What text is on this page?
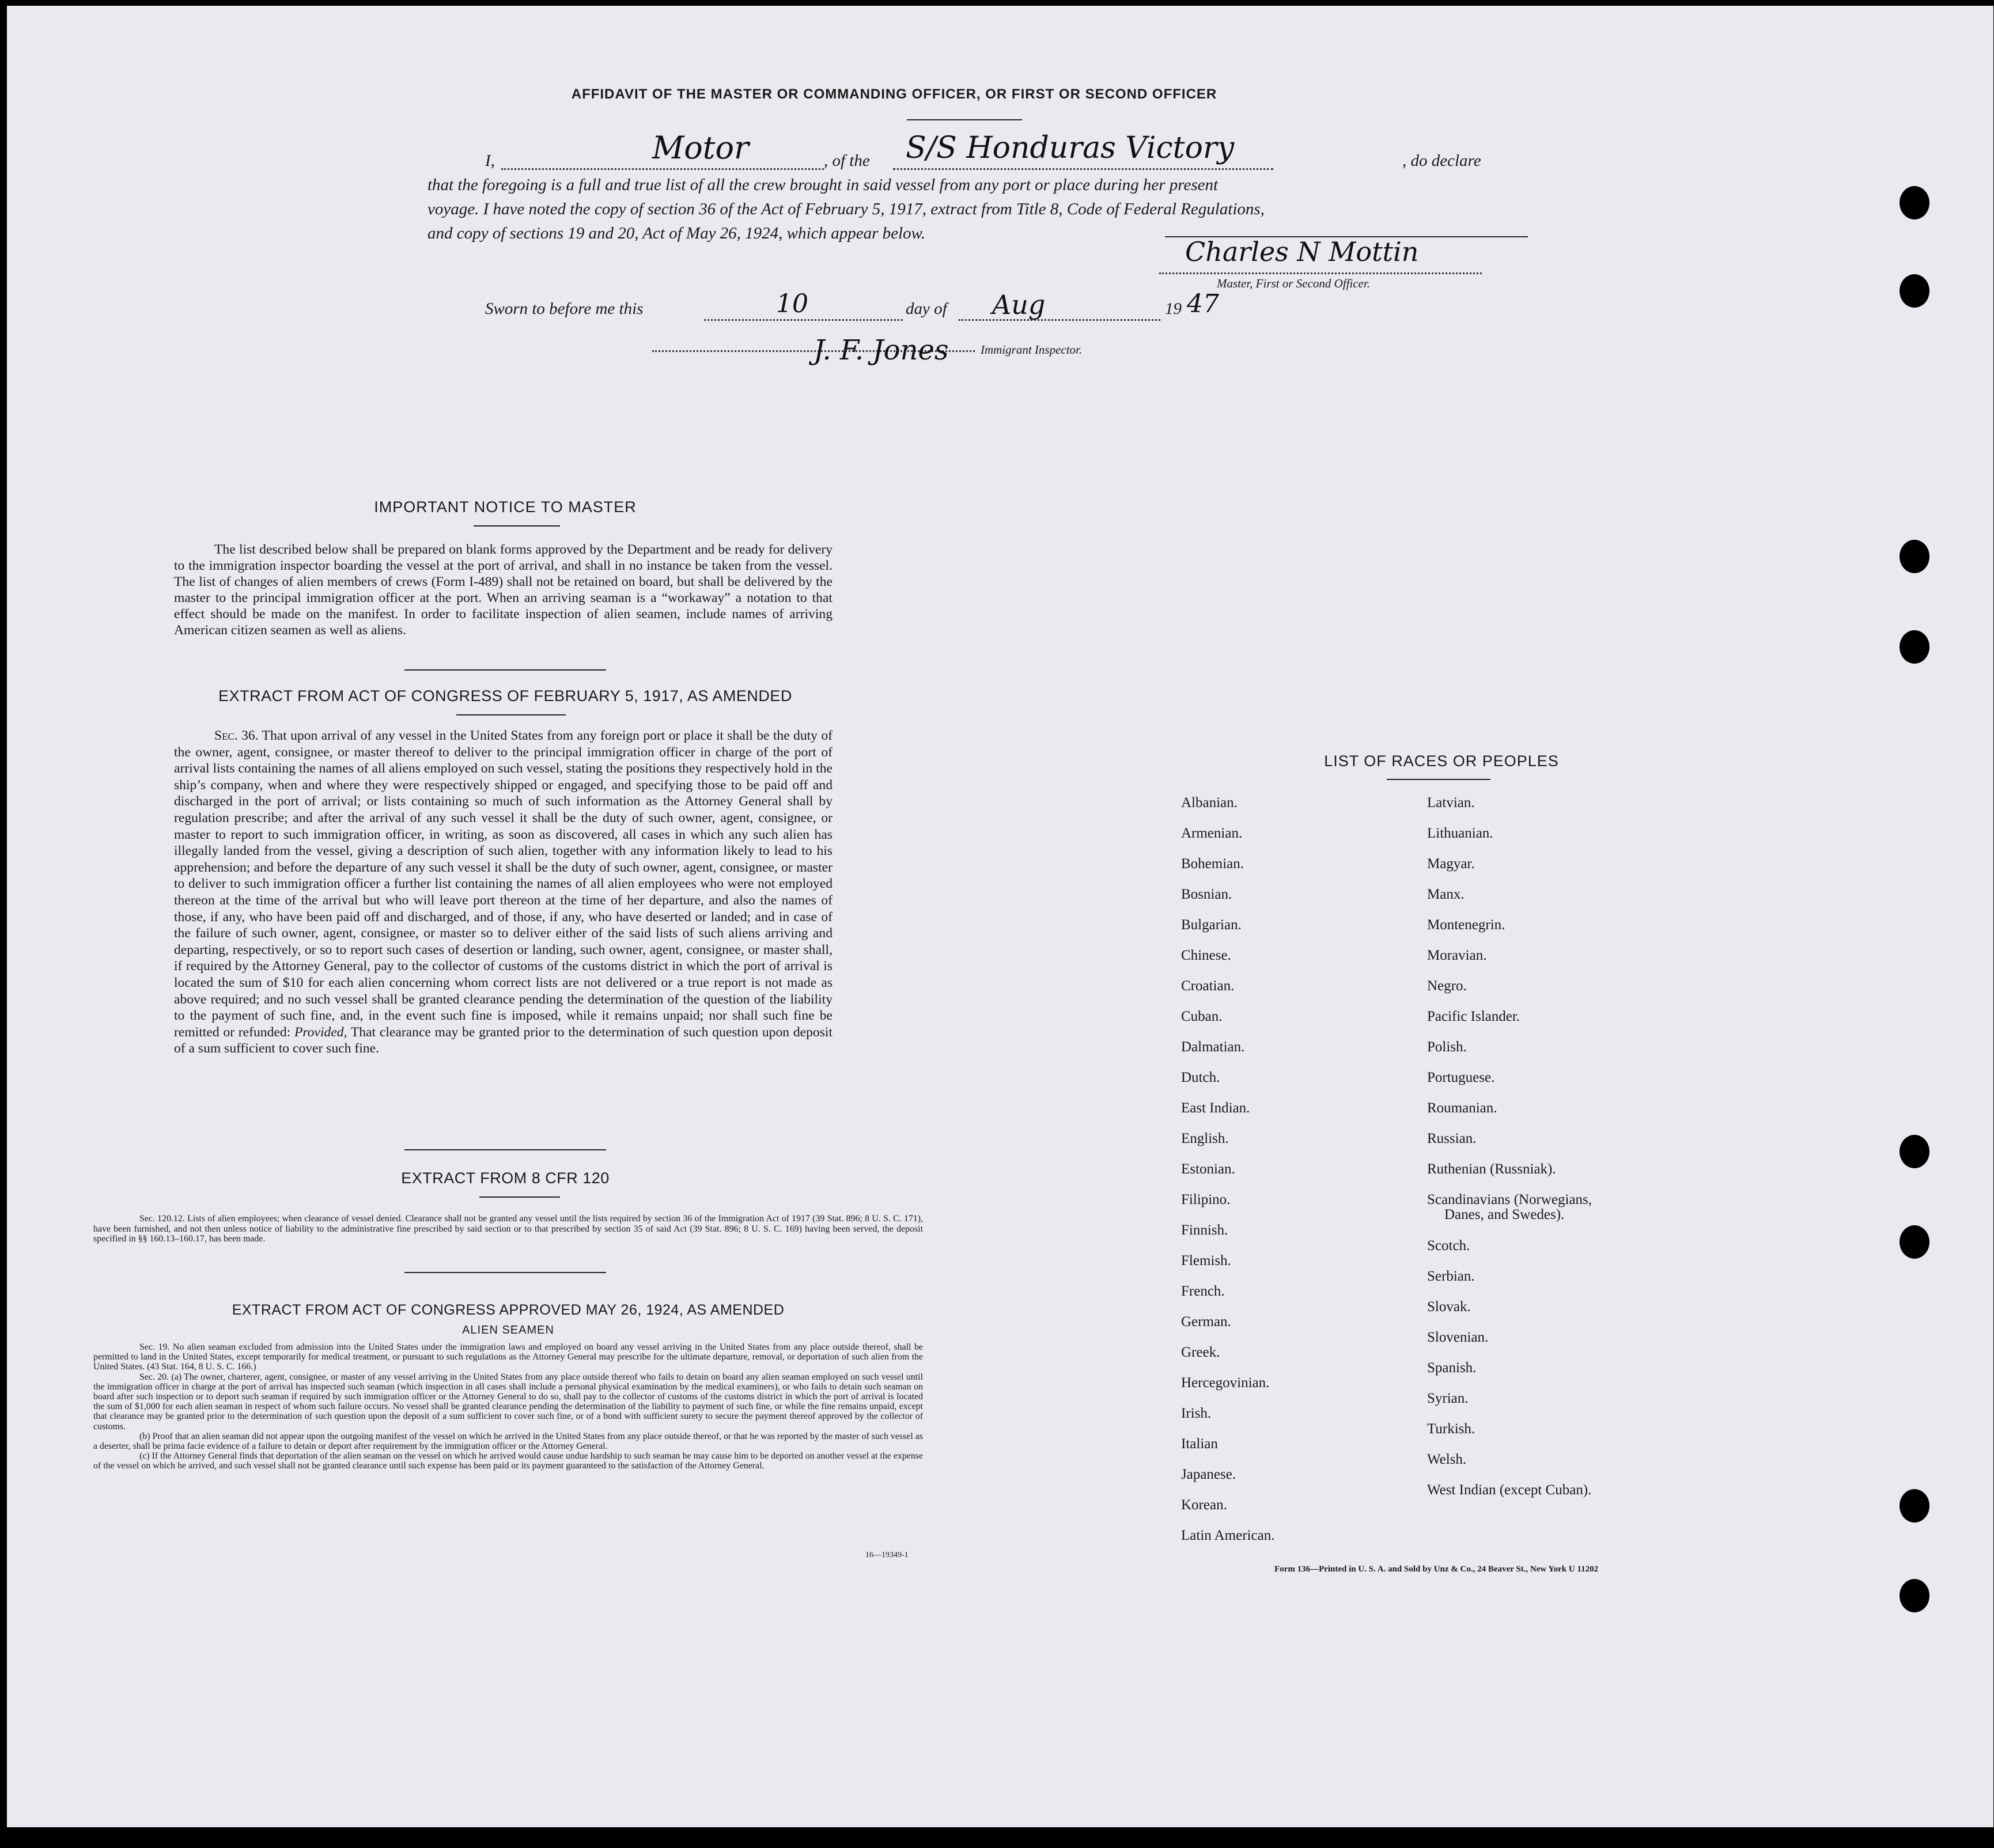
AFFIDAVIT OF THE MASTER OR COMMANDING OFFICER, OR FIRST OR SECOND OFFICER
I,	Motor	, of the S/S Honduras Victory	, do declare
that the foregoing is a full and true list of all the crew brought in said vessel from any port or place during her present
voyage. I have noted the copy of section 36 of the Act of February 5, 1917, extract from Title 8, Code of Federal Regulations,
and copy of sections 19 and 20, Act of May 26, 1924, which appear below.
Charles N Mottin
Master, First or Second Officer.
Sworn to before me this	10	day of Aug	19 47
J. F. Jones	Immigrant Inspector.
IMPORTANT NOTICE TO MASTER
The list described below shall be prepared on blank forms approved by the Department and be ready for delivery to the immigration inspector boarding the vessel at the port of arrival, and shall in no instance be taken from the vessel. The list of changes of alien members of crews (Form I-489) shall not be retained on board, but shall be delivered by the master to the principal immigration officer at the port. When an arriving seaman is a “workaway” a notation to that effect should be made on the manifest. In order to facilitate inspection of alien seamen, include names of arriving American citizen seamen as well as aliens.
EXTRACT FROM ACT OF CONGRESS OF FEBRUARY 5, 1917, AS AMENDED
Sec. 36. That upon arrival of any vessel in the United States from any foreign port or place it shall be the duty of the owner, agent, consignee, or master thereof to deliver to the principal immigration officer in charge of the port of arrival lists containing the names of all aliens employed on such vessel, stating the positions they respectively hold in the ship’s company, when and where they were respectively shipped or engaged, and specifying those to be paid off and discharged in the port of arrival; or lists containing so much of such information as the Attorney General shall by regulation prescribe; and after the arrival of any such vessel it shall be the duty of such owner, agent, consignee, or master to report to such immigration officer, in writing, as soon as discovered, all cases in which any such alien has illegally landed from the vessel, giving a description of such alien, together with any information likely to lead to his apprehension; and before the departure of any such vessel it shall be the duty of such owner, agent, consignee, or master to deliver to such immigration officer a further list containing the names of all alien employees who were not employed thereon at the time of the arrival but who will leave port thereon at the time of her departure, and also the names of those, if any, who have been paid off and discharged, and of those, if any, who have deserted or landed; and in case of the failure of such owner, agent, consignee, or master so to deliver either of the said lists of such aliens arriving and departing, respectively, or so to report such cases of desertion or landing, such owner, agent, consignee, or master shall, if required by the Attorney General, pay to the collector of customs of the customs district in which the port of arrival is located the sum of $10 for each alien concerning whom correct lists are not delivered or a true report is not made as above required; and no such vessel shall be granted clearance pending the determination of the question of the liability to the payment of such fine, and, in the event such fine is imposed, while it remains unpaid; nor shall such fine be remitted or refunded: Provided, That clearance may be granted prior to the determination of such question upon deposit of a sum sufficient to cover such fine.
EXTRACT FROM 8 CFR 120
Sec. 120.12. Lists of alien employees; when clearance of vessel denied. Clearance shall not be granted any vessel until the lists required by section 36 of the Immigration Act of 1917 (39 Stat. 896; 8 U. S. C. 171), have been furnished, and not then unless notice of liability to the administrative fine prescribed by said section or to that prescribed by section 35 of said Act (39 Stat. 896; 8 U. S. C. 169) having been served, the deposit specified in §§ 160.13–160.17, has been made.
EXTRACT FROM ACT OF CONGRESS APPROVED MAY 26, 1924, AS AMENDED
ALIEN SEAMEN
Sec. 19. No alien seaman excluded from admission into the United States under the immigration laws and employed on board any vessel arriving in the United States from any place outside thereof, shall be permitted to land in the United States, except temporarily for medical treatment, or pursuant to such regulations as the Attorney General may prescribe for the ultimate departure, removal, or deportation of such alien from the United States. (43 Stat. 164, 8 U. S. C. 166.)
Sec. 20. (a) The owner, charterer, agent, consignee, or master of any vessel arriving in the United States from any place outside thereof who fails to detain on board any alien seaman employed on such vessel until the immigration officer in charge at the port of arrival has inspected such seaman (which inspection in all cases shall include a personal physical examination by the medical examiners), or who fails to detain such seaman on board after such inspection or to deport such seaman if required by such immigration officer or the Attorney General to do so, shall pay to the collector of customs of the customs district in which the port of arrival is located the sum of $1,000 for each alien seaman in respect of whom such failure occurs. No vessel shall be granted clearance pending the determination of the liability to payment of such fine, or while the fine remains unpaid, except that clearance may be granted prior to the determination of such question upon the deposit of a sum sufficient to cover such fine, or of a bond with sufficient surety to secure the payment thereof approved by the collector of customs.
(b) Proof that an alien seaman did not appear upon the outgoing manifest of the vessel on which he arrived in the United States from any place outside thereof, or that he was reported by the master of such vessel as a deserter, shall be prima facie evidence of a failure to detain or deport after requirement by the immigration officer or the Attorney General.
(c) If the Attorney General finds that deportation of the alien seaman on the vessel on which he arrived would cause undue hardship to such seaman he may cause him to be deported on another vessel at the expense of the vessel on which he arrived, and such vessel shall not be granted clearance until such expense has been paid or its payment guaranteed to the satisfaction of the Attorney General.
16—19349-1
LIST OF RACES OR PEOPLES
Albanian.
Armenian.
Bohemian.
Bosnian.
Bulgarian.
Chinese.
Croatian.
Cuban.
Dalmatian.
Dutch.
East Indian.
English.
Estonian.
Filipino.
Finnish.
Flemish.
French.
German.
Greek.
Hercegovinian.
Irish.
Italian
Japanese.
Korean.
Latin American.
Latvian.
Lithuanian.
Magyar.
Manx.
Montenegrin.
Moravian.
Negro.
Pacific Islander.
Polish.
Portuguese.
Roumanian.
Russian.
Ruthenian (Russniak).
Scandinavians (Norwegians,
Danes, and Swedes).
Scotch.
Serbian.
Slovak.
Slovenian.
Spanish.
Syrian.
Turkish.
Welsh.
West Indian (except Cuban).
Form 136—Printed in U. S. A. and Sold by Unz & Co., 24 Beaver St., New York U 11202
